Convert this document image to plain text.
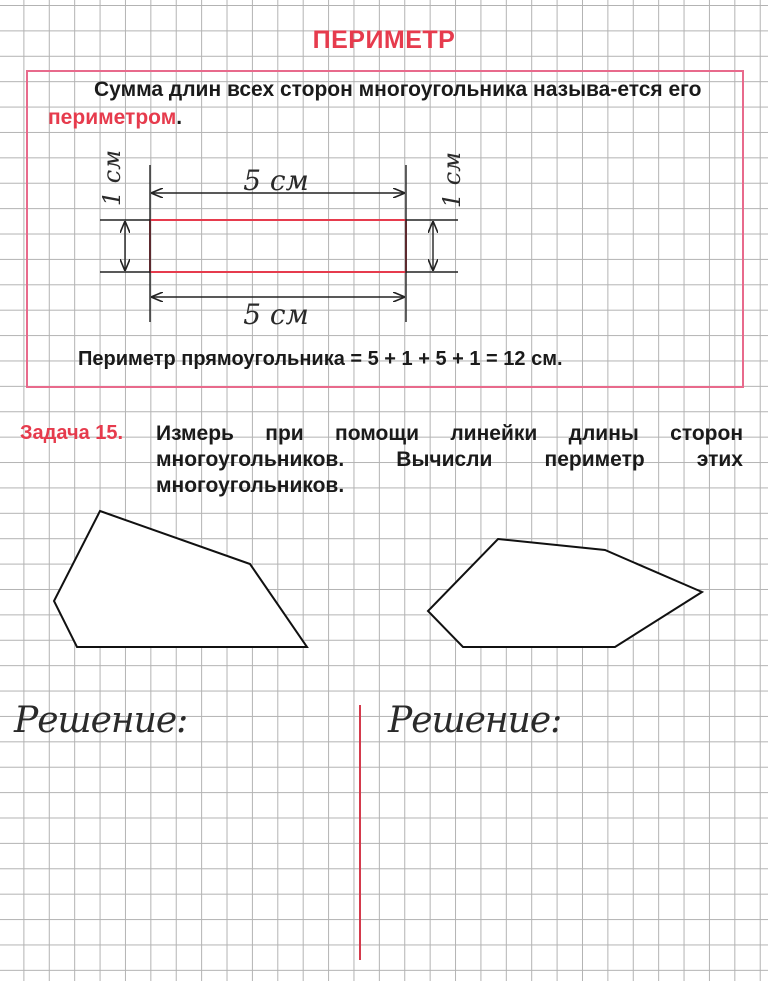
ПЕРИМЕТР
Сумма длин всех сторон многоугольника называ-ется его периметром.
5 см
5 см
1 см	1 см
Периметр прямоугольника = 5 + 1 + 5 + 1 = 12 см.
Задача 15. Измерь при помощи линейки длины сторон многоугольников. Вычисли периметр этих многоугольников.
Решение:	Решение:
